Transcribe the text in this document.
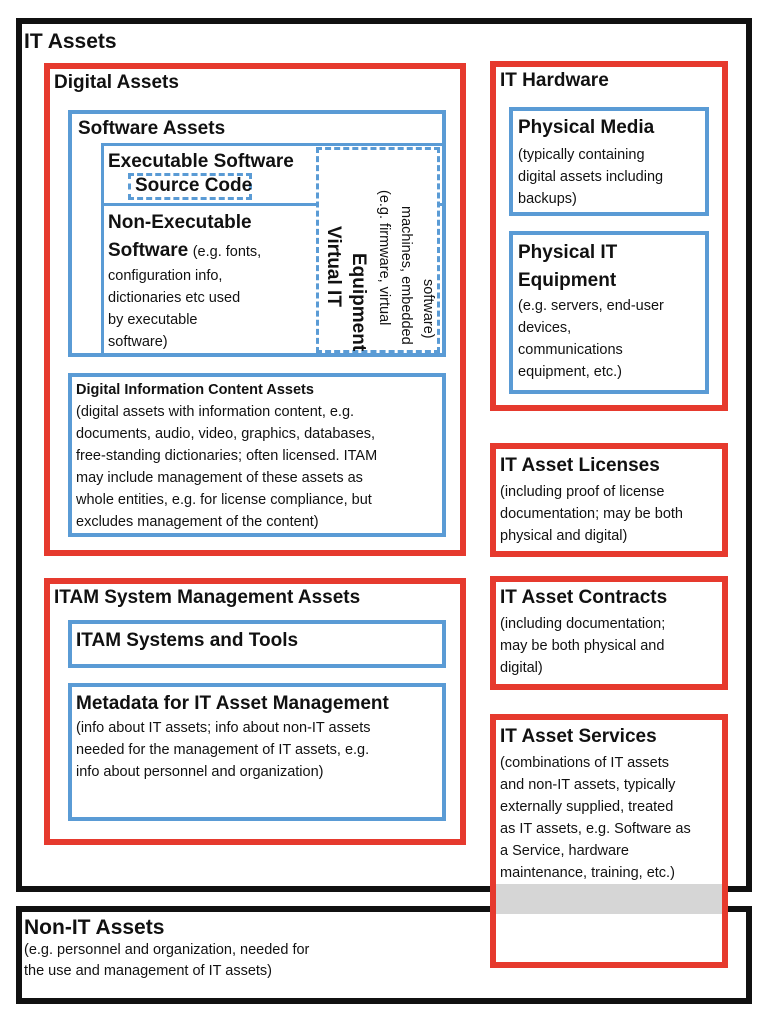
IT Assets
Non-IT Assets
(e.g. personnel and organization, needed for
the use and management of IT assets)
Digital Assets
Software Assets
Executable Software
Source Code
Non-Executable
Software (e.g. fonts,
configuration info,
dictionaries etc used
by executable
software)
Virtual IT Equipment (e.g. firmware, virtual machines, embedded software)
Digital Information Content Assets
(digital assets with information content, e.g.
documents, audio, video, graphics, databases,
free-standing dictionaries; often licensed. ITAM
may include management of these assets as
whole entities, e.g. for license compliance, but
excludes management of the content)
ITAM System Management Assets
ITAM Systems and Tools
Metadata for IT Asset Management
(info about IT assets; info about non-IT assets
needed for the management of IT assets, e.g.
info about personnel and organization)
IT Hardware
Physical Media
(typically containing
digital assets including
backups)
Physical IT
Equipment
(e.g. servers, end-user
devices,
communications
equipment, etc.)
IT Asset Licenses
(including proof of license
documentation; may be both
physical and digital)
IT Asset Contracts
(including documentation;
may be both physical and
digital)
IT Asset Services
(combinations of IT assets
and non-IT assets, typically
externally supplied, treated
as IT assets, e.g. Software as
a Service, hardware
maintenance, training, etc.)
